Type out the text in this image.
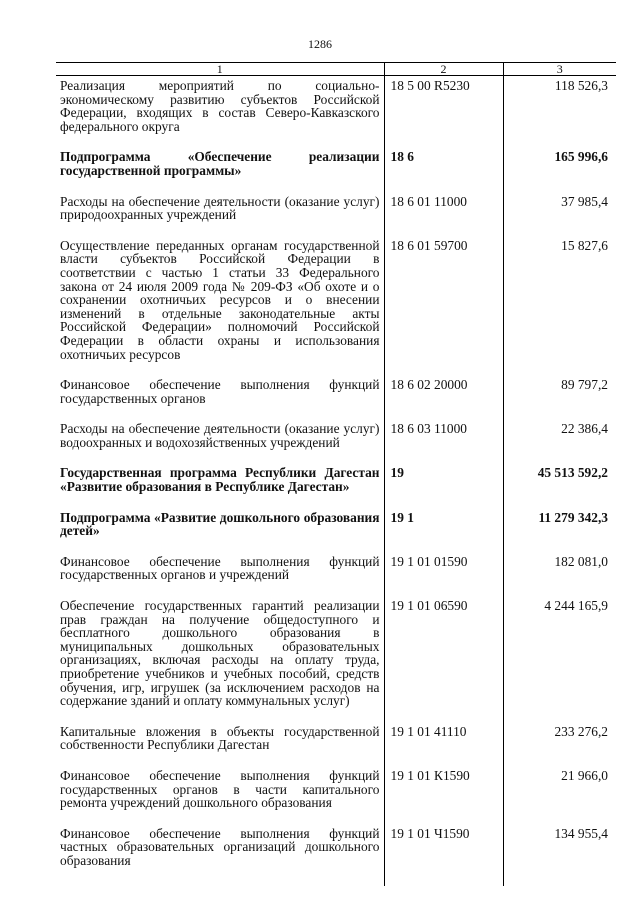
1286
1	2	3
Реализация мероприятий по социально-экономическому развитию субъектов Российской Федерации, входящих в состав Северо-Кавказского федерального округа	18 5 00 R5230	118 526,3
Подпрограмма «Обеспечение реализации государственной программы»	18 6	165 996,6
Расходы на обеспечение деятельности (оказание услуг) природоохранных учреждений	18 6 01 11000	37 985,4
Осуществление переданных органам государственной власти субъектов Российской Федерации в соответствии с частью 1 статьи 33 Федерального закона от 24 июля 2009 года № 209-ФЗ «Об охоте и о сохранении охотничьих ресурсов и о внесении изменений в отдельные законодательные акты Российской Федерации» полномочий Российской Федерации в области охраны и использования охотничьих ресурсов	18 6 01 59700	15 827,6
Финансовое обеспечение выполнения функций государственных органов	18 6 02 20000	89 797,2
Расходы на обеспечение деятельности (оказание услуг) водоохранных и водохозяйственных учреждений	18 6 03 11000	22 386,4
Государственная программа Республики Дагестан «Развитие образования в Республике Дагестан»	19	45 513 592,2
Подпрограмма «Развитие дошкольного образования детей»	19 1	11 279 342,3
Финансовое обеспечение выполнения функций государственных органов и учреждений	19 1 01 01590	182 081,0
Обеспечение государственных гарантий реализации прав граждан на получение общедоступного и бесплатного дошкольного образования в муниципальных дошкольных образовательных организациях, включая расходы на оплату труда, приобретение учебников и учебных пособий, средств обучения, игр, игрушек (за исключением расходов на содержание зданий и оплату коммунальных услуг)	19 1 01 06590	4 244 165,9
Капитальные вложения в объекты государственной собственности Республики Дагестан	19 1 01 41110	233 276,2
Финансовое обеспечение выполнения функций государственных органов в части капитального ремонта учреждений дошкольного образования	19 1 01 К1590	21 966,0
Финансовое обеспечение выполнения функций частных образовательных организаций дошкольного образования	19 1 01 Ч1590	134 955,4
